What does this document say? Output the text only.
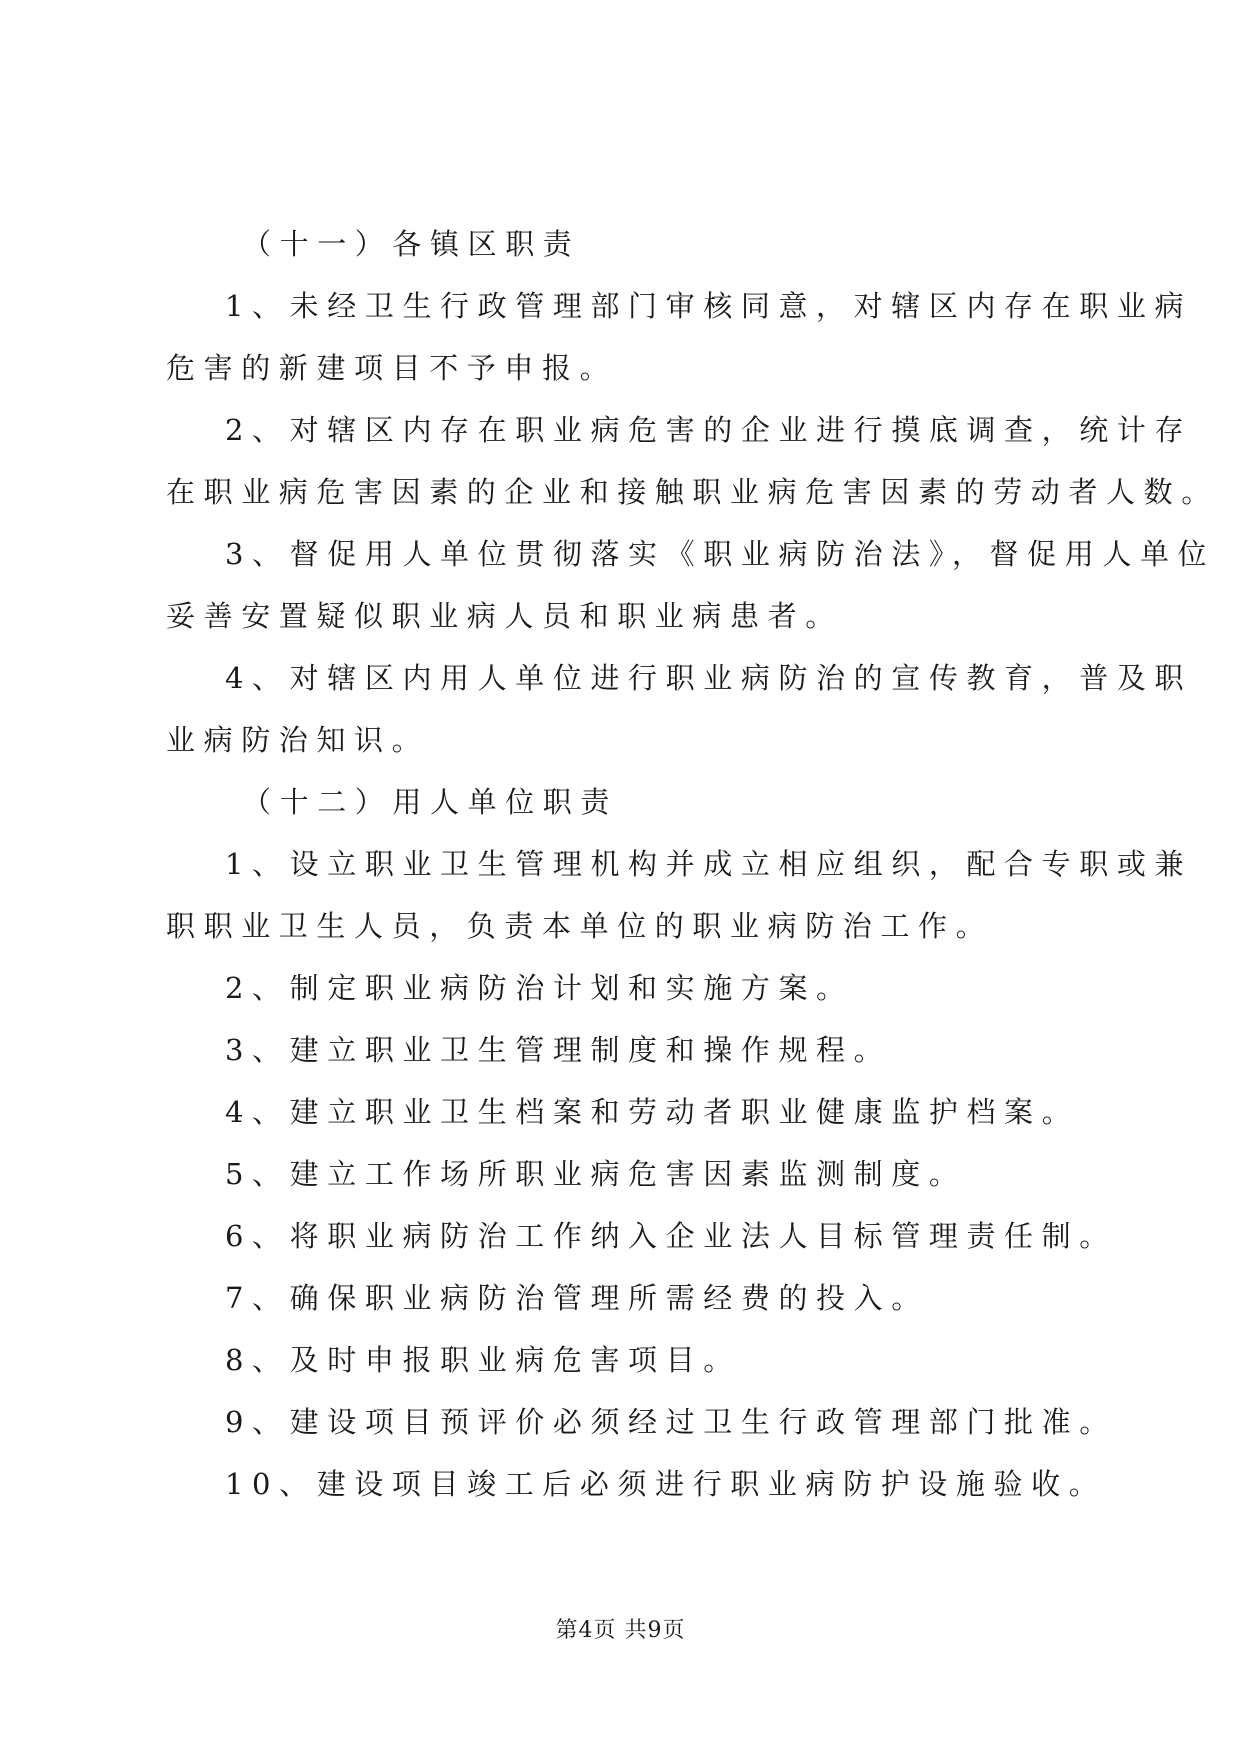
（十一）各镇区职责
1、未经卫生行政管理部门审核同意，对辖区内存在职业病
危害的新建项目不予申报。
2、对辖区内存在职业病危害的企业进行摸底调查，统计存
在职业病危害因素的企业和接触职业病危害因素的劳动者人数。
3、督促用人单位贯彻落实《职业病防治法》，督促用人单位
妥善安置疑似职业病人员和职业病患者。
4、对辖区内用人单位进行职业病防治的宣传教育，普及职
业病防治知识。
（十二）用人单位职责
1、设立职业卫生管理机构并成立相应组织，配合专职或兼
职职业卫生人员，负责本单位的职业病防治工作。
2、制定职业病防治计划和实施方案。
3、建立职业卫生管理制度和操作规程。
4、建立职业卫生档案和劳动者职业健康监护档案。
5、建立工作场所职业病危害因素监测制度。
6、将职业病防治工作纳入企业法人目标管理责任制。
7、确保职业病防治管理所需经费的投入。
8、及时申报职业病危害项目。
9、建设项目预评价必须经过卫生行政管理部门批准。
10、建设项目竣工后必须进行职业病防护设施验收。
第4页 共9页
